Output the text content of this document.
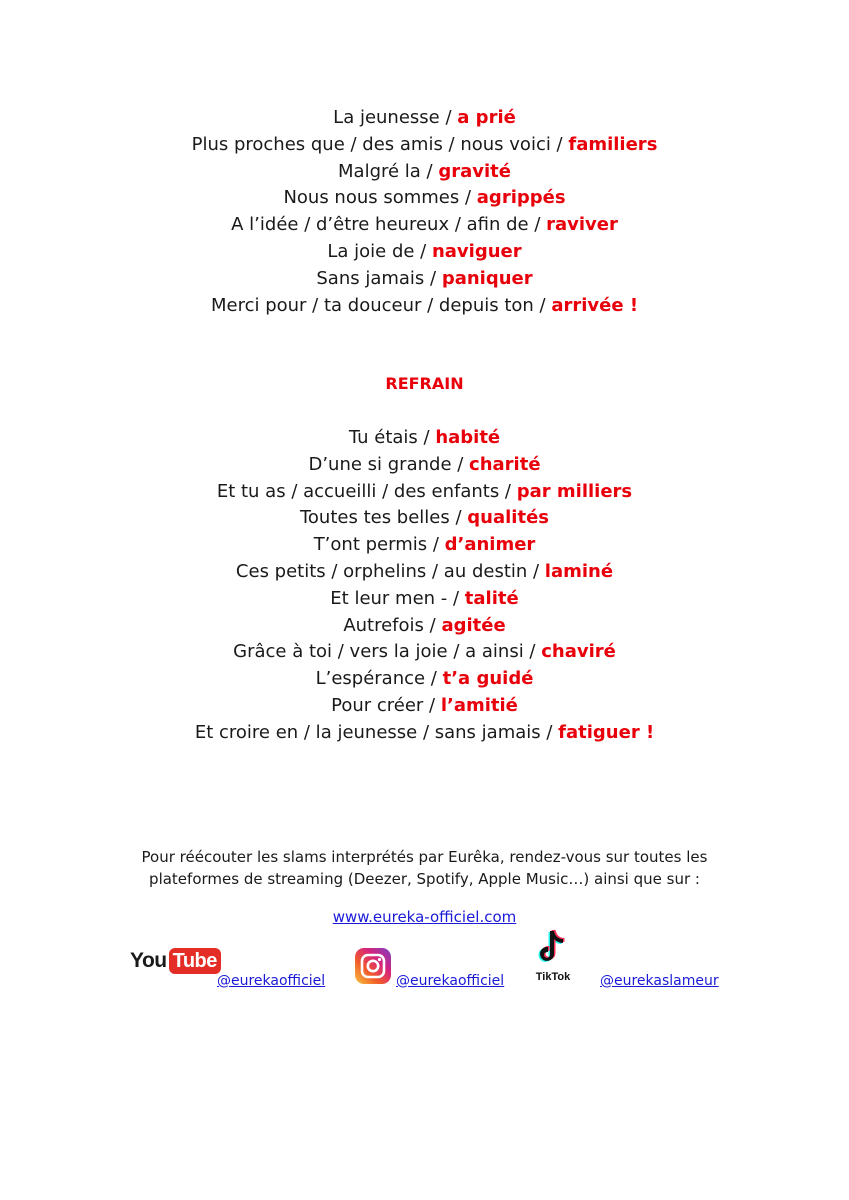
La jeunesse / a prié
Plus proches que / des amis / nous voici / familiers
Malgré la / gravité
Nous nous sommes / agrippés
A l’idée / d’être heureux / afin de / raviver
La joie de / naviguer
Sans jamais / paniquer
Merci pour / ta douceur / depuis ton / arrivée !
REFRAIN
Tu étais / habité
D’une si grande / charité
Et tu as / accueilli / des enfants / par milliers
Toutes tes belles / qualités
T’ont permis / d’animer
Ces petits / orphelins / au destin / laminé
Et leur men - / talité
Autrefois / agitée
Grâce à toi / vers la joie / a ainsi / chaviré
L’espérance / t’a guidé
Pour créer / l’amitié
Et croire en / la jeunesse / sans jamais / fatiguer !
Pour réécouter les slams interprétés par Eurêka, rendez-vous sur toutes les
plateformes de streaming (Deezer, Spotify, Apple Music…) ainsi que sur :
www.eureka-officiel.com
You Tube
@eurekaofficiel	@eurekaofficiel	TikTok	@eurekaslameur
